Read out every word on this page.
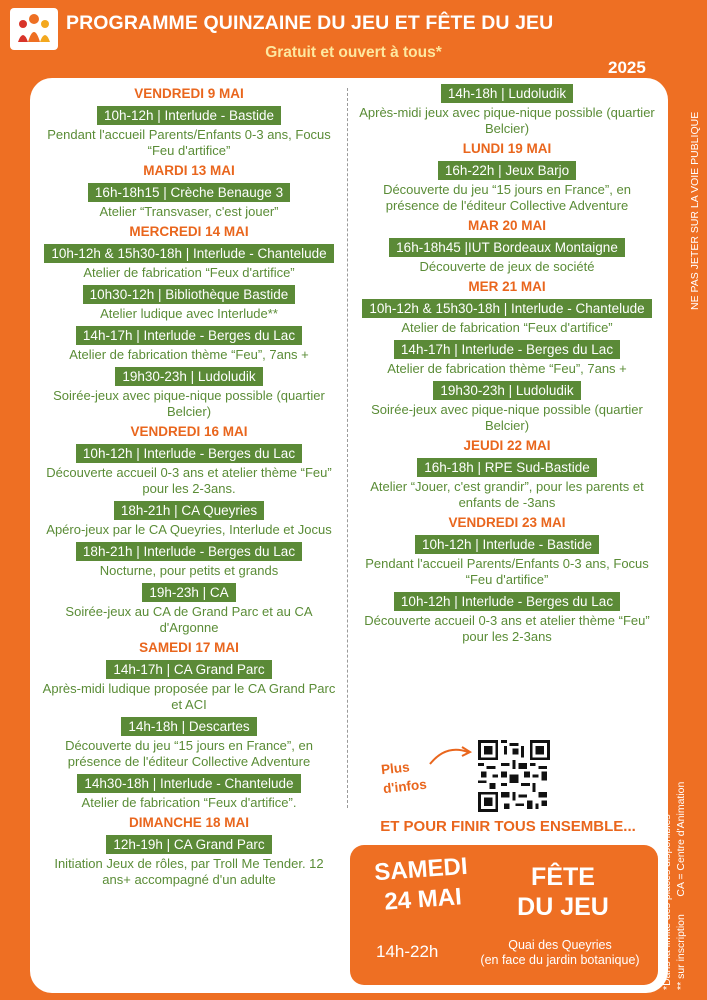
PROGRAMME QUINZAINE DU JEU ET FÊTE DU JEU
Gratuit et ouvert à tous*
2025
VENDREDI 9 MAI
10h-12h | Interlude - Bastide
Pendant l'accueil Parents/Enfants 0-3 ans, Focus “Feu d'artifice”
MARDI 13 MAI
16h-18h15 | Crèche Benauge 3
Atelier “Transvaser, c'est jouer”
MERCREDI 14 MAI
10h-12h & 15h30-18h | Interlude - Chantelude
Atelier de fabrication “Feux d'artifice”
10h30-12h | Bibliothèque Bastide
Atelier ludique avec Interlude**
14h-17h | Interlude - Berges du Lac
Atelier de fabrication thème “Feu”, 7ans +
19h30-23h | Ludoludik
Soirée-jeux avec pique-nique possible (quartier Belcier)
VENDREDI 16 MAI
10h-12h | Interlude - Berges du Lac
Découverte accueil 0-3 ans et atelier thème “Feu” pour les 2-3ans.
18h-21h | CA Queyries
Apéro-jeux par le CA Queyries, Interlude et Jocus
18h-21h | Interlude - Berges du Lac
Nocturne, pour petits et grands
19h-23h | CA
Soirée-jeux au CA de Grand Parc et au CA d'Argonne
SAMEDI 17 MAI
14h-17h | CA Grand Parc
Après-midi ludique proposée par le CA Grand Parc et ACI
14h-18h | Descartes
Découverte du jeu “15 jours en France”, en présence de l'éditeur Collective Adventure
14h30-18h | Interlude - Chantelude
Atelier de fabrication “Feux d'artifice”.
DIMANCHE 18 MAI
12h-19h | CA Grand Parc
Initiation Jeux de rôles, par Troll Me Tender. 12 ans+ accompagné d'un adulte
14h-18h | Ludoludik
Après-midi jeux avec pique-nique possible (quartier Belcier)
LUNDI 19 MAI
16h-22h | Jeux Barjo
Découverte du jeu “15 jours en France”, en présence de l'éditeur Collective Adventure
MAR 20 MAI
16h-18h45 |IUT Bordeaux Montaigne
Découverte de jeux de société
MER 21 MAI
10h-12h & 15h30-18h | Interlude - Chantelude
Atelier de fabrication “Feux d'artifice”
14h-17h | Interlude - Berges du Lac
Atelier de fabrication thème “Feu”, 7ans +
19h30-23h | Ludoludik
Soirée-jeux avec pique-nique possible (quartier Belcier)
JEUDI 22 MAI
16h-18h | RPE Sud-Bastide
Atelier “Jouer, c'est grandir”, pour les parents et enfants de -3ans
VENDREDI 23 MAI
10h-12h | Interlude - Bastide
Pendant l'accueil Parents/Enfants 0-3 ans, Focus “Feu d'artifice”
10h-12h | Interlude - Berges du Lac
Découverte accueil 0-3 ans et atelier thème “Feu” pour les 2-3ans
NE PAS JETER SUR LA VOIE PUBLIQUE
*Dans la limite des places disponibles ** sur inscription      CA = Centre d'Animation
Plus
d'infos
ET POUR FINIR TOUS ENSEMBLE...
SAMEDI
24 MAI
14h-22h
FÊTE
DU JEU
Quai des Queyries
(en face du jardin botanique)
